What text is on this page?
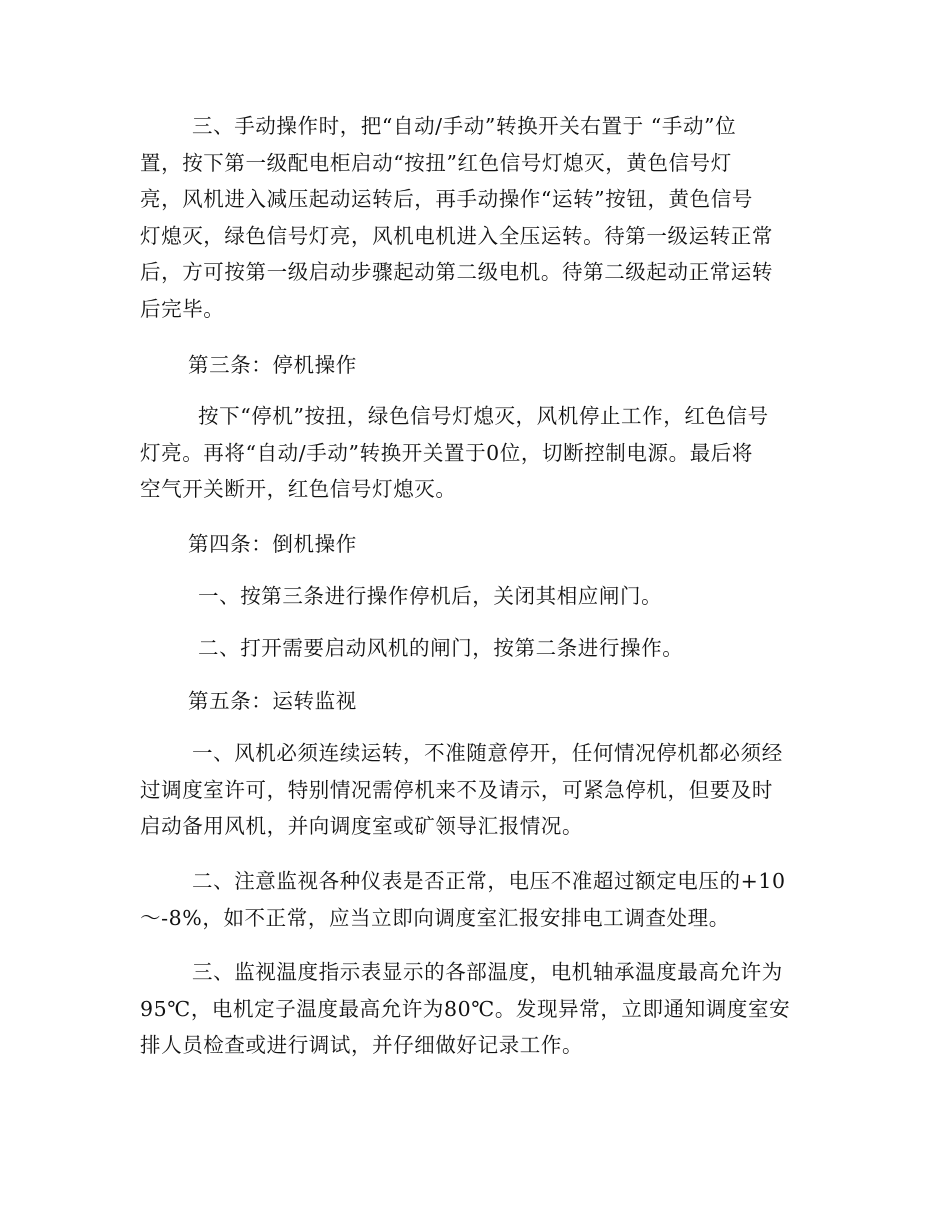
三、手动操作时，把“自动/手动”转换开关右置于 “手动”位
置，按下第一级配电柜启动“按扭”红色信号灯熄灭，黄色信号灯
亮，风机进入减压起动运转后，再手动操作“运转”按钮，黄色信号
灯熄灭，绿色信号灯亮，风机电机进入全压运转。待第一级运转正常
后，方可按第一级启动步骤起动第二级电机。待第二级起动正常运转
后完毕。

第三条：停机操作

按下“停机”按扭，绿色信号灯熄灭，风机停止工作，红色信号
灯亮。再将“自动/手动”转换开关置于0位，切断控制电源。最后将
空气开关断开，红色信号灯熄灭。

第四条：倒机操作

一、按第三条进行操作停机后，关闭其相应闸门。

二、打开需要启动风机的闸门，按第二条进行操作。

第五条：运转监视

一、风机必须连续运转，不准随意停开，任何情况停机都必须经
过调度室许可，特别情况需停机来不及请示，可紧急停机，但要及时
启动备用风机，并向调度室或矿领导汇报情况。

二、注意监视各种仪表是否正常，电压不准超过额定电压的+10
～-8%，如不正常，应当立即向调度室汇报安排电工调查处理。

三、监视温度指示表显示的各部温度，电机轴承温度最高允许为
95℃，电机定子温度最高允许为80℃。发现异常，立即通知调度室安
排人员检查或进行调试，并仔细做好记录工作。
